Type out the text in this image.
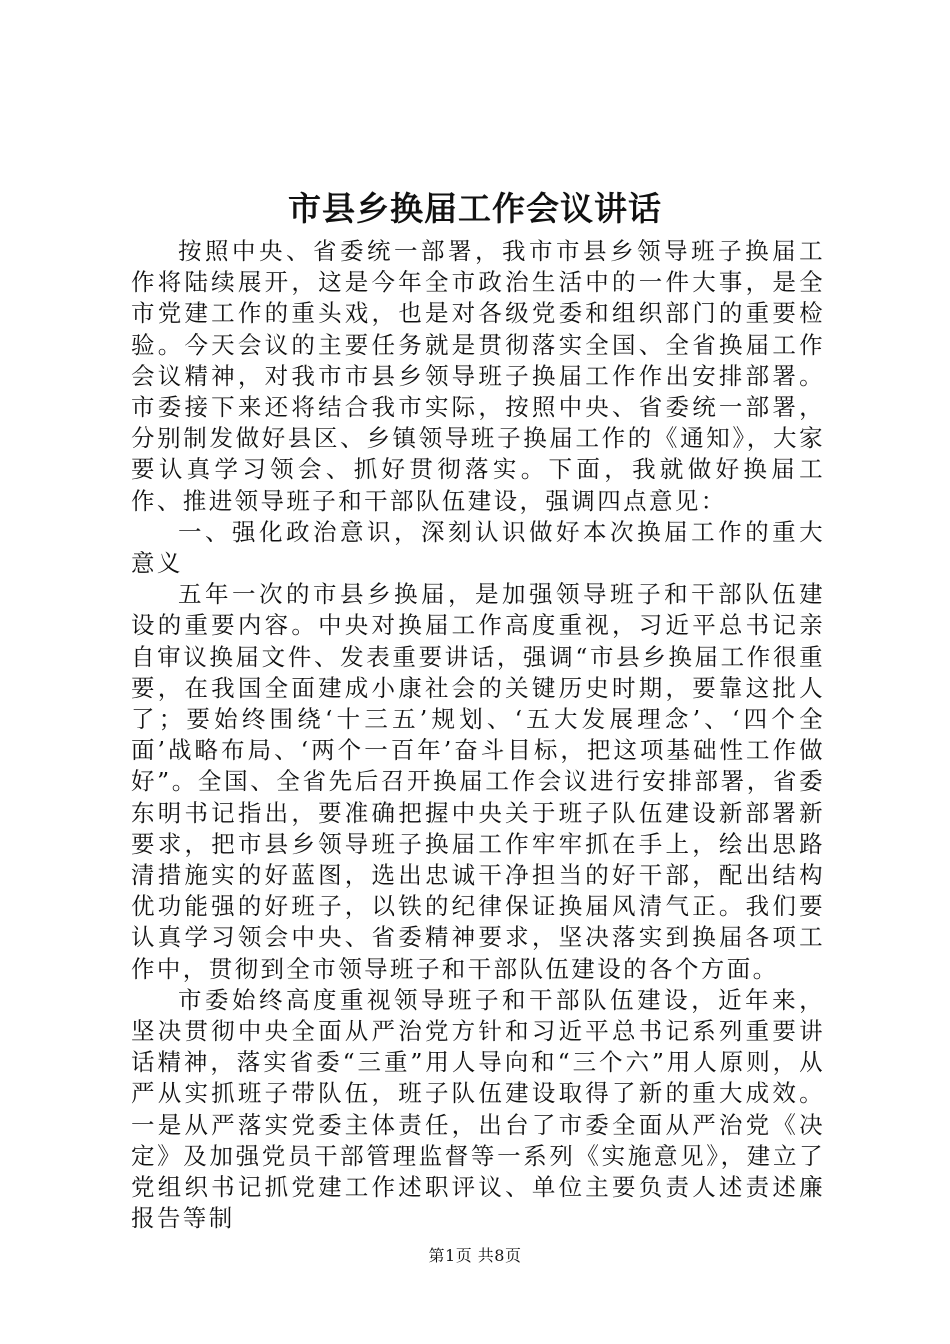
市县乡换届工作会议讲话

按照中央、省委统一部署，我市市县乡领导班子换届工作将陆续展开，这是今年全市政治生活中的一件大事，是全市党建工作的重头戏，也是对各级党委和组织部门的重要检验。今天会议的主要任务就是贯彻落实全国、全省换届工作会议精神，对我市市县乡领导班子换届工作作出安排部署。市委接下来还将结合我市实际，按照中央、省委统一部署，分别制发做好县区、乡镇领导班子换届工作的《通知》，大家要认真学习领会、抓好贯彻落实。下面，我就做好换届工作、推进领导班子和干部队伍建设，强调四点意见：

一、强化政治意识，深刻认识做好本次换届工作的重大意义

五年一次的市县乡换届，是加强领导班子和干部队伍建设的重要内容。中央对换届工作高度重视，习近平总书记亲自审议换届文件、发表重要讲话，强调“市县乡换届工作很重要，在我国全面建成小康社会的关键历史时期，要靠这批人了；要始终围绕‘十三五’规划、‘五大发展理念’、‘四个全面’战略布局、‘两个一百年’奋斗目标，把这项基础性工作做好”。全国、全省先后召开换届工作会议进行安排部署，省委东明书记指出，要准确把握中央关于班子队伍建设新部署新要求，把市县乡领导班子换届工作牢牢抓在手上，绘出思路清措施实的好蓝图，选出忠诚干净担当的好干部，配出结构优功能强的好班子，以铁的纪律保证换届风清气正。我们要认真学习领会中央、省委精神要求，坚决落实到换届各项工作中，贯彻到全市领导班子和干部队伍建设的各个方面。

市委始终高度重视领导班子和干部队伍建设，近年来，坚决贯彻中央全面从严治党方针和习近平总书记系列重要讲话精神，落实省委“三重”用人导向和“三个六”用人原则，从严从实抓班子带队伍，班子队伍建设取得了新的重大成效。一是从严落实党委主体责任，出台了市委全面从严治党《决定》及加强党员干部管理监督等一系列《实施意见》，建立了党组织书记抓党建工作述职评议、单位主要负责人述责述廉报告等制

第1页 共8页
